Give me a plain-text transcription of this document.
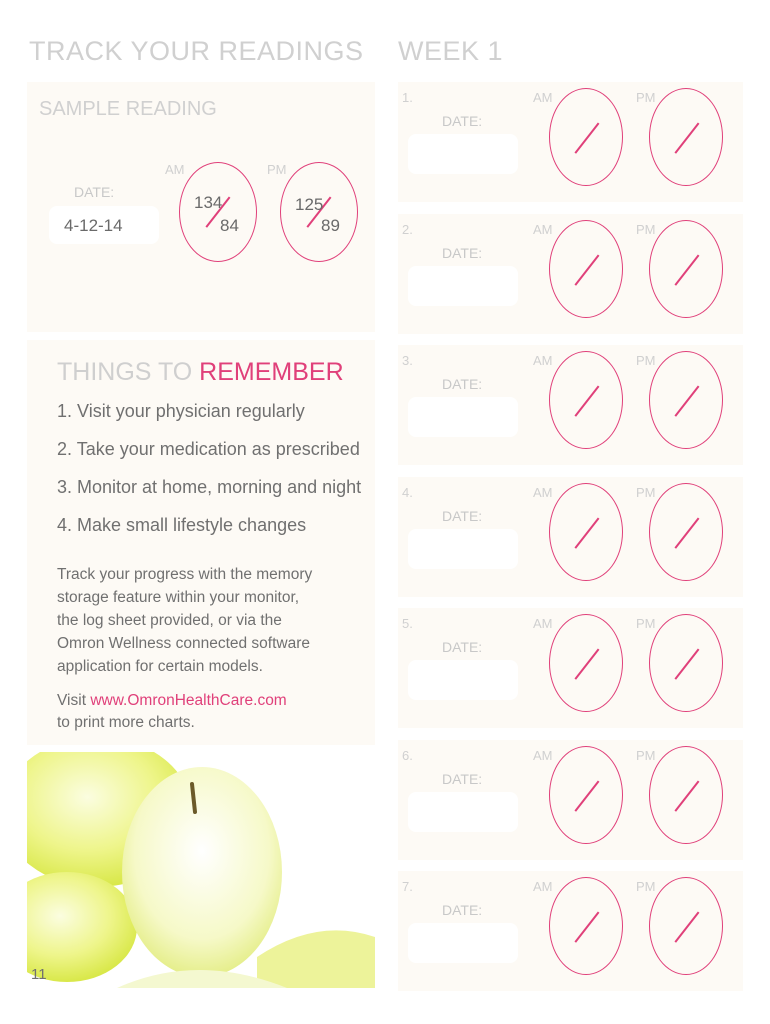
TRACK YOUR READINGS WEEK 1
SAMPLE READING
AM	PM
DATE:
4-12-14
134
84
125
89
THINGS TO REMEMBER
1. Visit your physician regularly
2. Take your medication as prescribed
3. Monitor at home, morning and night
4. Make small lifestyle changes
Track your progress with the memory
storage feature within your monitor,
the log sheet provided, or via the
Omron Wellness connected software
application for certain models.
Visit www.OmronHealthCare.com
to print more charts.
11
1.	AM	PM
DATE:
2.	AM	PM
DATE:
3.	AM	PM
DATE:
4.	AM	PM
DATE:
5.	AM	PM
DATE:
6.	AM	PM
DATE:
7.	AM	PM
DATE:
